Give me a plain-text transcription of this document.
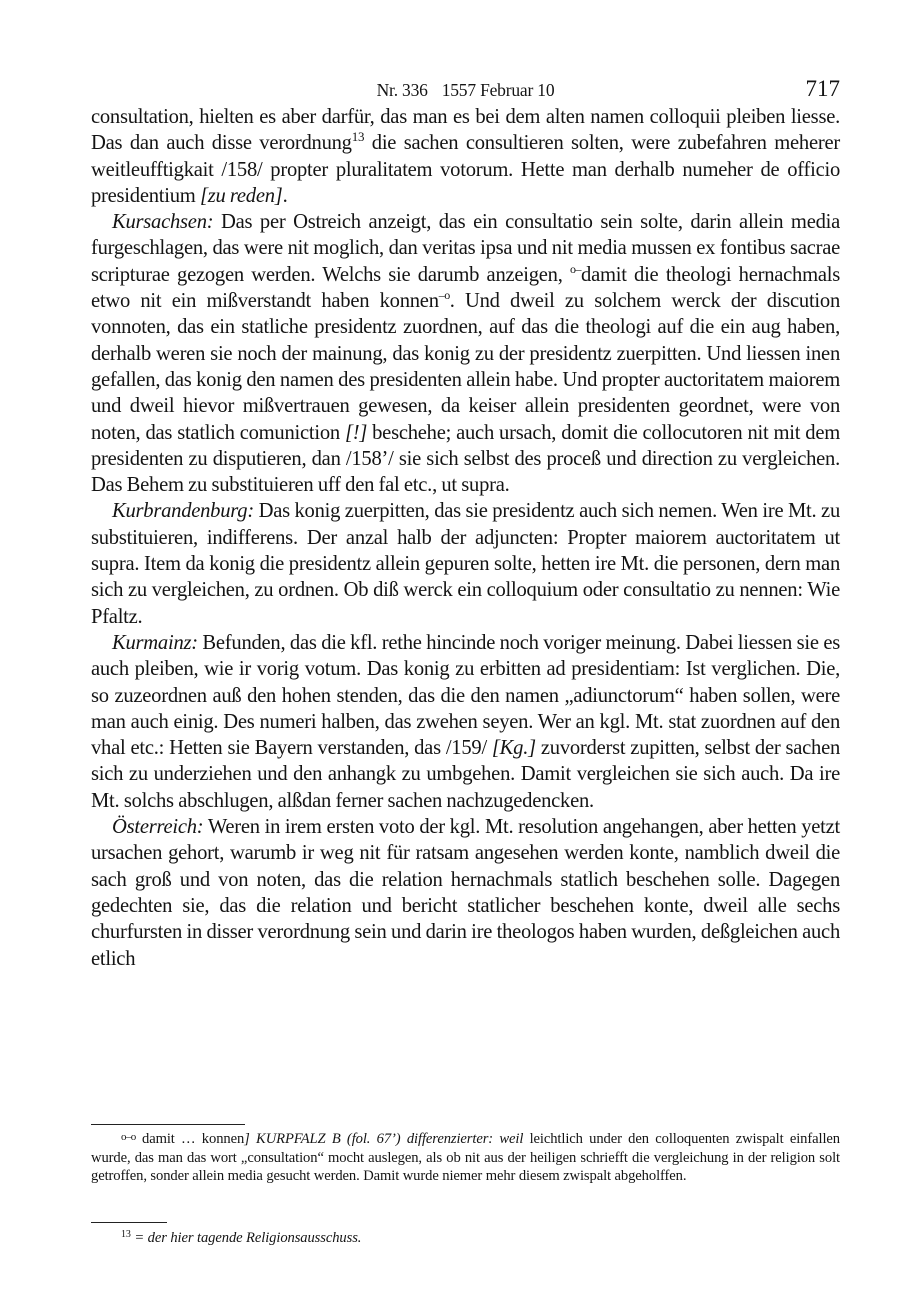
Nr. 336 1557 Februar 10	717

consultation, hielten es aber darfür, das man es bei dem alten namen colloquii pleiben liesse. Das dan auch disse verordnung$^{13}$ die sachen consultieren solten, were zubefahren meherer weitleufftigkait /158/ propter pluralitatem votorum. Hette man derhalb numeher de officio presidentium [zu reden].

Kursachsen: Das per Ostreich anzeigt, das ein consultatio sein solte, darin allein media furgeschlagen, das were nit moglich, dan veritas ipsa und nit media mussen ex fontibus sacrae scripturae gezogen werden. Welchs sie darumb anzeigen, $^{o-}$damit die theologi hernachmals etwo nit ein mißverstandt haben konnen$^{-o}$. Und dweil zu solchem werck der discution vonnoten, das ein statliche presidentz zuordnen, auf das die theologi auf die ein aug haben, derhalb weren sie noch der mainung, das konig zu der presidentz zuerpitten. Und liessen inen gefallen, das konig den namen des presidenten allein habe. Und propter auctoritatem maiorem und dweil hievor mißvertrauen gewesen, da keiser allein presidenten geordnet, were von noten, das statlich comuniction [!] beschehe; auch ursach, domit die collocutoren nit mit dem presidenten zu disputieren, dan /158’/ sie sich selbst des proceß und direction zu vergleichen. Das Behem zu substituieren uff den fal etc., ut supra.

Kurbrandenburg: Das konig zuerpitten, das sie presidentz auch sich nemen. Wen ire Mt. zu substituieren, indifferens. Der anzal halb der adjuncten: Propter maiorem auctoritatem ut supra. Item da konig die presidentz allein gepuren solte, hetten ire Mt. die personen, dern man sich zu vergleichen, zu ordnen. Ob diß werck ein colloquium oder consultatio zu nennen: Wie Pfaltz.

Kurmainz: Befunden, das die kfl. rethe hincinde noch voriger meinung. Dabei liessen sie es auch pleiben, wie ir vorig votum. Das konig zu erbitten ad presidentiam: Ist verglichen. Die, so zuzeordnen auß den hohen stenden, das die den namen „adiunctorum“ haben sollen, were man auch einig. Des numeri halben, das zwehen seyen. Wer an kgl. Mt. stat zuordnen auf den vhal etc.: Hetten sie Bayern verstanden, das /159/ [Kg.] zuvorderst zupitten, selbst der sachen sich zu underziehen und den anhangk zu umbgehen. Damit vergleichen sie sich auch. Da ire Mt. solchs abschlugen, alßdan ferner sachen nachzugedencken.

Österreich: Weren in irem ersten voto der kgl. Mt. resolution angehangen, aber hetten yetzt ursachen gehort, warumb ir weg nit für ratsam angesehen werden konte, namblich dweil die sach groß und von noten, das die relation hernachmals statlich beschehen solle. Dagegen gedechten sie, das die relation und bericht statlicher beschehen konte, dweil alle sechs churfursten in disser verordnung sein und darin ire theologos haben wurden, deßgleichen auch etlich

$^{o-o}$ damit … konnen] KURPFALZ B (fol. 67’) differenzierter: weil leichtlich under den colloquenten zwispalt einfallen wurde, das man das wort „consultation“ mocht auslegen, als ob nit aus der heiligen schriefft die vergleichung in der religion solt getroffen, sonder allein media gesucht werden. Damit wurde niemer mehr diesem zwispalt abgeholffen.

$^{13}$ = der hier tagende Religionsausschuss.
